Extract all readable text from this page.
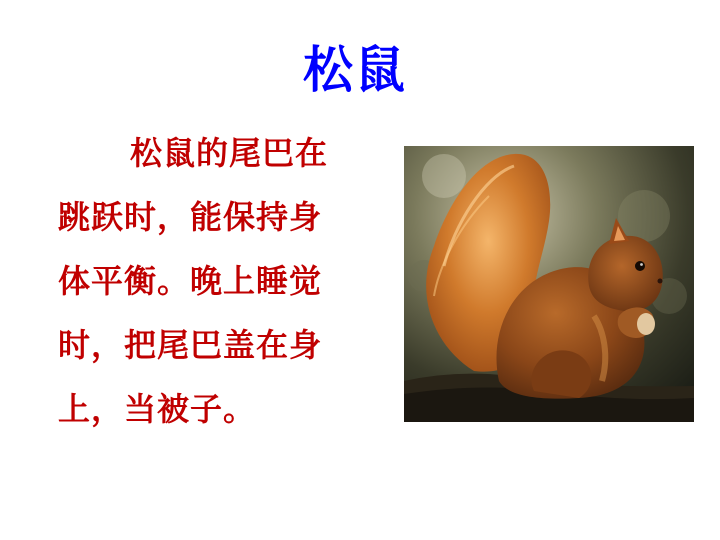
松鼠
松鼠的尾巴在
跳跃时，能保持身
体平衡。晚上睡觉
时，把尾巴盖在身
上，当被子。
